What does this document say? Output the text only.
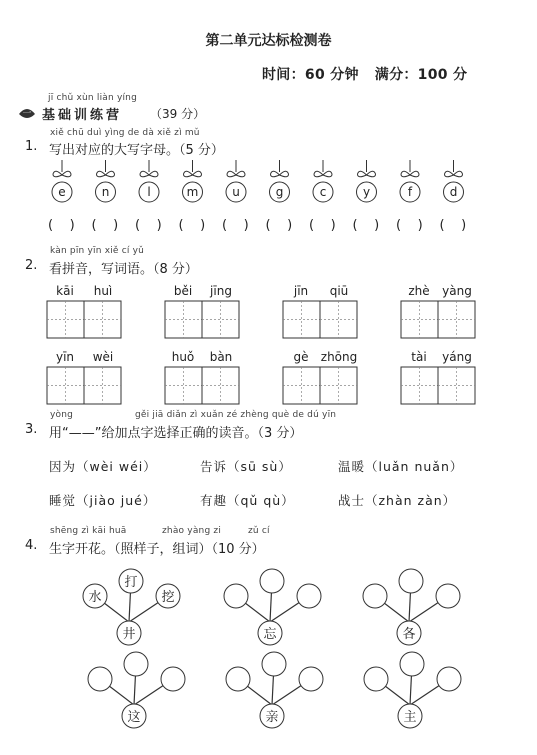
第二单元达标检测卷
时间：60 分钟 满分：100 分
jī chǔ xùn liàn yíng
一 基础训练营 （39 分）
xiě chū duì yìng de dà xiě zì mǔ
1. 写出对应的大写字母。（5 分）
e	n	l	m	u	g	c	y	f	d
(    ) (    ) (    ) (    ) (    ) (    ) (    ) (    ) (    ) (    )
kàn pīn yīn xiě cí yǔ
2. 看拼音，写词语。（8 分）
kāi huì	běi jīng	jīn qiū	zhè yàng
yīn wèi	huǒ bàn	gè zhōng	tài yáng
yòng	gěi jiā diǎn zì xuǎn zé zhèng què de dú yīn
3. 用“——”给加点字选择正确的读音。（3 分）
因为（wèi wéi）	告诉（sū sù）	温暖（luǎn nuǎn）
睡觉（jiào jué）	有趣（qǔ qù）	战士（zhàn zàn）
shēng zì kāi huā	zhào yàng zi	zǔ cí
4. 生字开花。（照样子，组词）（10 分）
水
打
挖
井	忘	各
这	亲	主
